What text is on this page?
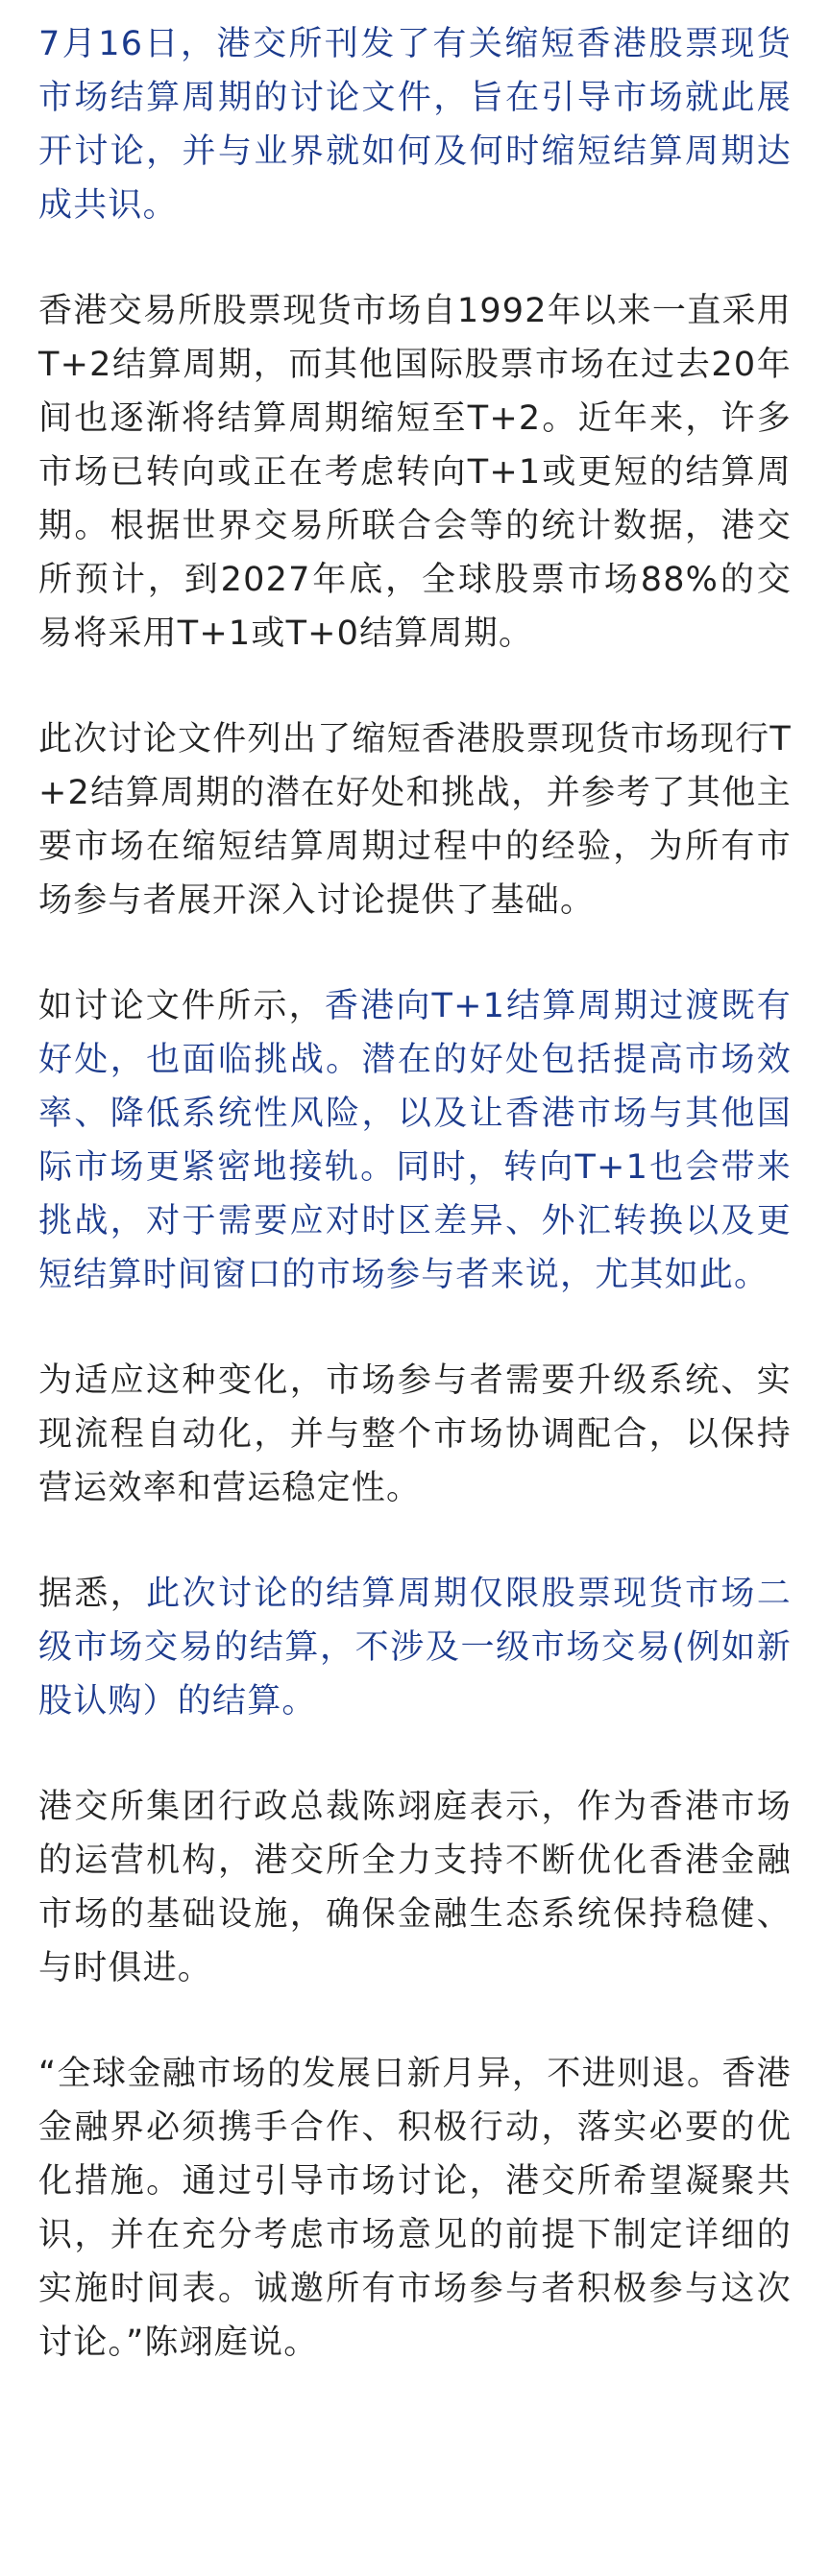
7月16日，港交所刊发了有关缩短香港股票现货市场结算周期的讨论文件，旨在引导市场就此展开讨论，并与业界就如何及何时缩短结算周期达成共识。

香港交易所股票现货市场自1992年以来一直采用T+2结算周期，而其他国际股票市场在过去20年间也逐渐将结算周期缩短至T+2。近年来，许多市场已转向或正在考虑转向T+1或更短的结算周期。根据世界交易所联合会等的统计数据，港交所预计，到2027年底，全球股票市场88%的交易将采用T+1或T+0结算周期。

此次讨论文件列出了缩短香港股票现货市场现行T+2结算周期的潜在好处和挑战，并参考了其他主要市场在缩短结算周期过程中的经验，为所有市场参与者展开深入讨论提供了基础。

如讨论文件所示，香港向T+1结算周期过渡既有好处，也面临挑战。潜在的好处包括提高市场效率、降低系统性风险，以及让香港市场与其他国际市场更紧密地接轨。同时，转向T+1也会带来挑战，对于需要应对时区差异、外汇转换以及更短结算时间窗口的市场参与者来说，尤其如此。

为适应这种变化，市场参与者需要升级系统、实现流程自动化，并与整个市场协调配合，以保持营运效率和营运稳定性。

据悉，此次讨论的结算周期仅限股票现货市场二级市场交易的结算，不涉及一级市场交易(例如新股认购）的结算。

港交所集团行政总裁陈翊庭表示，作为香港市场的运营机构，港交所全力支持不断优化香港金融市场的基础设施，确保金融生态系统保持稳健、与时俱进。

“全球金融市场的发展日新月异，不进则退。香港金融界必须携手合作、积极行动，落实必要的优化措施。通过引导市场讨论，港交所希望凝聚共识，并在充分考虑市场意见的前提下制定详细的实施时间表。诚邀所有市场参与者积极参与这次讨论。”陈翊庭说。
